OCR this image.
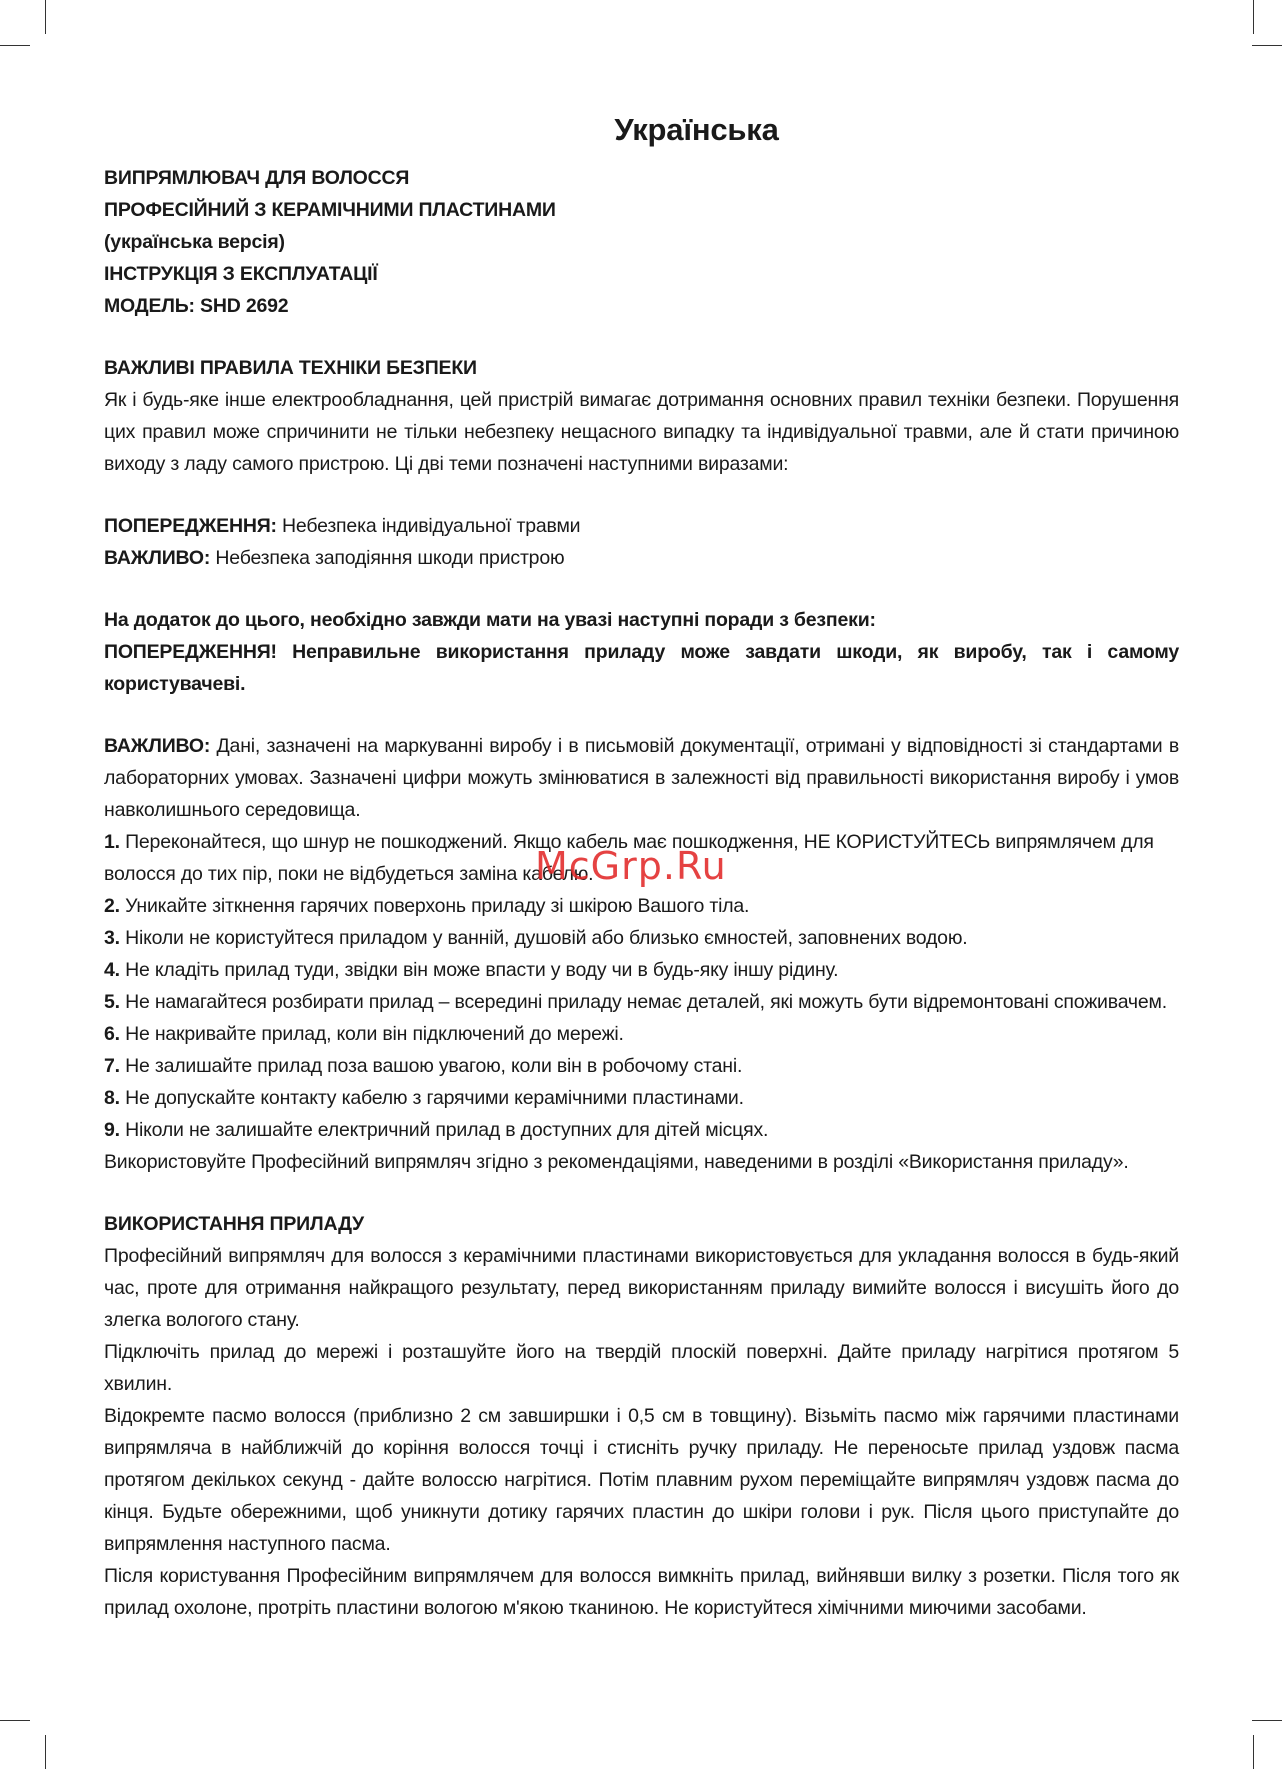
Українська

ВИПРЯМЛЮВАЧ ДЛЯ ВОЛОССЯ

ПРОФЕСІЙНИЙ З КЕРАМІЧНИМИ ПЛАСТИНАМИ

(українська версія)

ІНСТРУКЦІЯ З ЕКСПЛУАТАЦІЇ

МОДЕЛЬ: SHD 2692

ВАЖЛИВІ ПРАВИЛА ТЕХНІКИ БЕЗПЕКИ

Як і будь-яке інше електрообладнання, цей пристрій вимагає дотримання основних правил техніки безпеки. Порушення цих правил може спричинити не тільки небезпеку нещасного випадку та індивідуальної травми, але й стати причиною виходу з ладу самого пристрою. Ці дві теми позначені наступними виразами:

ПОПЕРЕДЖЕННЯ: Небезпека індивідуальної травми

ВАЖЛИВО: Небезпека заподіяння шкоди пристрою

На додаток до цього, необхідно завжди мати на увазі наступні поради з безпеки:

ПОПЕРЕДЖЕННЯ! Неправильне використання приладу може завдати шкоди, як виробу, так і самому користувачеві.

ВАЖЛИВО: Дані, зазначені на маркуванні виробу і в письмовій документації, отримані у відповідності зі стандартами в лабораторних умовах. Зазначені цифри можуть змінюватися в залежності від правильності використання виробу і умов навколишнього середовища.

1. Переконайтеся, що шнур не пошкоджений. Якщо кабель має пошкодження, НЕ КОРИСТУЙТЕСЬ випрямлячем для волосся до тих пір, поки не відбудеться заміна кабелю.

2. Уникайте зіткнення гарячих поверхонь приладу зі шкірою Вашого тіла.

3. Ніколи не користуйтеся приладом у ванній, душовій або близько ємностей, заповнених водою.

4. Не кладіть прилад туди, звідки він може впасти у воду чи в будь-яку іншу рідину.

5. Не намагайтеся розбирати прилад – всередині приладу немає деталей, які можуть бути відремонтовані споживачем.

6. Не накривайте прилад, коли він підключений до мережі.

7. Не залишайте прилад поза вашою увагою, коли він в робочому стані.

8. Не допускайте контакту кабелю з гарячими керамічними пластинами.

9. Ніколи не залишайте електричний прилад в доступних для дітей місцях.

Використовуйте Професійний випрямляч згідно з рекомендаціями, наведеними в розділі «Використання приладу».

ВИКОРИСТАННЯ ПРИЛАДУ

Професійний випрямляч для волосся з керамічними пластинами використовується для укладання волосся в будь-який час, проте для отримання найкращого результату, перед використанням приладу вимийте волосся і висушіть його до злегка вологого стану.

Підключіть прилад до мережі і розташуйте його на твердій плоскій поверхні. Дайте приладу нагрітися протягом 5 хвилин.

Відокремте пасмо волосся (приблизно 2 см завширшки і 0,5 см в товщину). Візьміть пасмо між гарячими пластинами випрямляча в найближчій до коріння волосся точці і стисніть ручку приладу. Не переносьте прилад уздовж пасма протягом декількох секунд - дайте волоссю нагрітися. Потім плавним рухом переміщайте випрямляч уздовж пасма до кінця. Будьте обережними, щоб уникнути дотику гарячих пластин до шкіри голови і рук. Після цього приступайте до випрямлення наступного пасма.

Після користування Професійним випрямлячем для волосся вимкніть прилад, вийнявши вилку з розетки. Після того як прилад охолоне, протріть пластини вологою м'якою тканиною. Не користуйтеся хімічними миючими засобами.

McGrp.Ru
